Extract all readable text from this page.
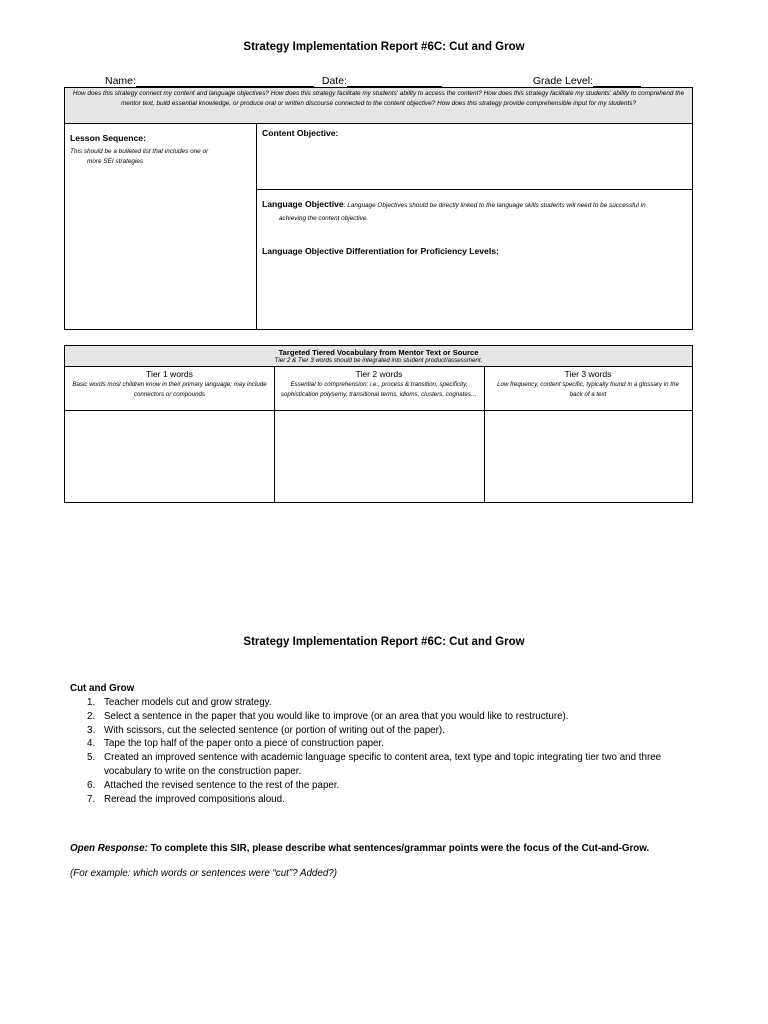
Strategy Implementation Report #6C: Cut and Grow
Name:	Date:	Grade Level:
How does this strategy connect my content and language objectives? How does this strategy facilitate my students' ability to access the content? How does this strategy facilitate my students' ability to comprehend the mentor text, build essential knowledge, or produce oral or written discourse connected to the content objective? How does this strategy provide comprehensible input for my students?
Lesson Sequence:
This should be a bulleted list that includes one or
more SEI strategies
Content Objective:
Language Objective: Language Objectives should be directly linked to the language skills students will need to be successful in
achieving the content objective.
Language Objective Differentiation for Proficiency Levels:
Targeted Tiered Vocabulary from Mentor Text or Source
Tier 2 & Tier 3 words should be integrated into student product/assessment.
Tier 1 words
Basic words most children know in their primary language; may include connectors or compounds
Tier 2 words
Essential to comprehension: i.e., process & transition, specificity, sophistication polysemy, transitional terms, idioms, clusters, cognates…
Tier 3 words
Low frequency, content specific, typically found in a glossary in the back of a text
Strategy Implementation Report #6C: Cut and Grow
Cut and Grow
1. Teacher models cut and grow strategy.
2. Select a sentence in the paper that you would like to improve (or an area that you would like to restructure).
3. With scissors, cut the selected sentence (or portion of writing out of the paper).
4. Tape the top half of the paper onto a piece of construction paper.
5. Created an improved sentence with academic language specific to content area, text type and topic integrating tier two and three vocabulary to write on the construction paper.
6. Attached the revised sentence to the rest of the paper.
7. Reread the improved compositions aloud.
Open Response: To complete this SIR, please describe what sentences/grammar points were the focus of the Cut-and-Grow.
(For example: which words or sentences were “cut”? Added?)
